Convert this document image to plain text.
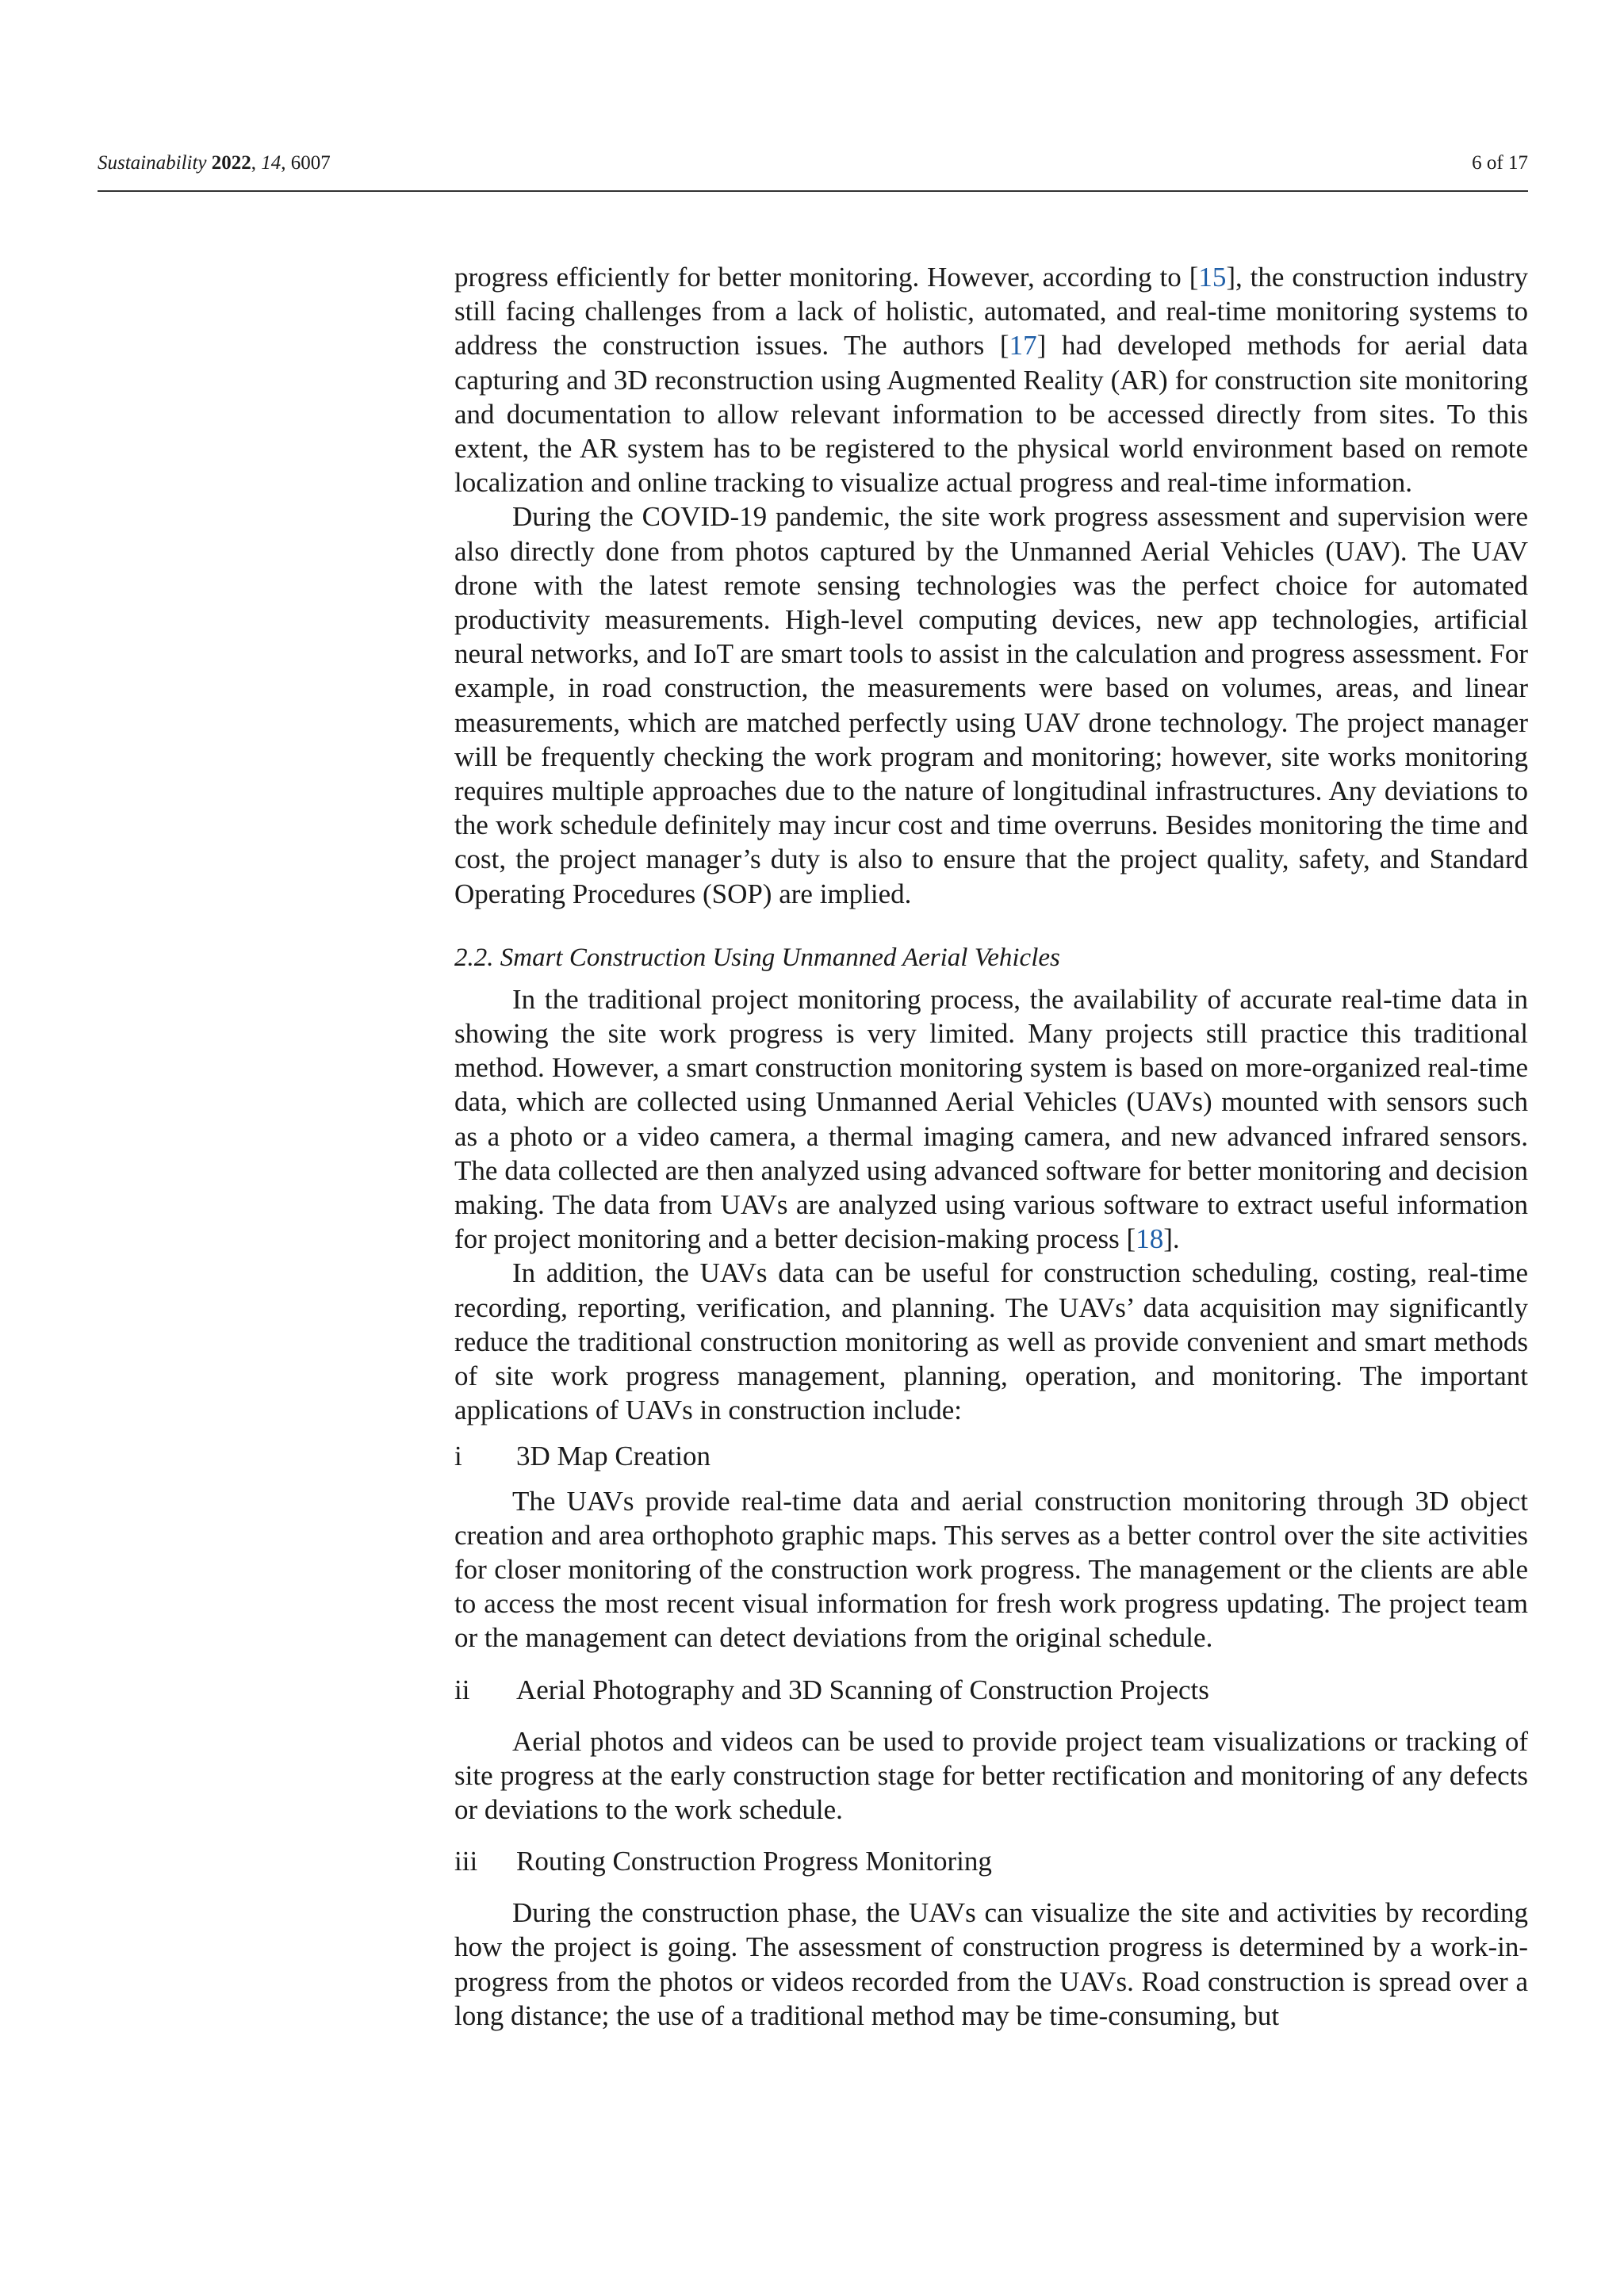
Sustainability 2022, 14, 6007	6 of 17

progress efficiently for better monitoring. However, according to [15], the construction industry still facing challenges from a lack of holistic, automated, and real-time monitoring systems to address the construction issues. The authors [17] had developed methods for aerial data capturing and 3D reconstruction using Augmented Reality (AR) for construction site monitoring and documentation to allow relevant information to be accessed directly from sites. To this extent, the AR system has to be registered to the physical world environment based on remote localization and online tracking to visualize actual progress and real-time information.

During the COVID-19 pandemic, the site work progress assessment and supervision were also directly done from photos captured by the Unmanned Aerial Vehicles (UAV). The UAV drone with the latest remote sensing technologies was the perfect choice for automated productivity measurements. High-level computing devices, new app technologies, artificial neural networks, and IoT are smart tools to assist in the calculation and progress assessment. For example, in road construction, the measurements were based on volumes, areas, and linear measurements, which are matched perfectly using UAV drone technology. The project manager will be frequently checking the work program and monitoring; however, site works monitoring requires multiple approaches due to the nature of longitudinal infrastructures. Any deviations to the work schedule definitely may incur cost and time overruns. Besides monitoring the time and cost, the project manager’s duty is also to ensure that the project quality, safety, and Standard Operating Procedures (SOP) are implied.

2.2. Smart Construction Using Unmanned Aerial Vehicles

In the traditional project monitoring process, the availability of accurate real-time data in showing the site work progress is very limited. Many projects still practice this traditional method. However, a smart construction monitoring system is based on more-organized real-time data, which are collected using Unmanned Aerial Vehicles (UAVs) mounted with sensors such as a photo or a video camera, a thermal imaging camera, and new advanced infrared sensors. The data collected are then analyzed using advanced software for better monitoring and decision making. The data from UAVs are analyzed using various software to extract useful information for project monitoring and a better decision-making process [18].

In addition, the UAVs data can be useful for construction scheduling, costing, real-time recording, reporting, verification, and planning. The UAVs’ data acquisition may significantly reduce the traditional construction monitoring as well as provide convenient and smart methods of site work progress management, planning, operation, and monitoring. The important applications of UAVs in construction include:

i	3D Map Creation

The UAVs provide real-time data and aerial construction monitoring through 3D object creation and area orthophoto graphic maps. This serves as a better control over the site activities for closer monitoring of the construction work progress. The management or the clients are able to access the most recent visual information for fresh work progress updating. The project team or the management can detect deviations from the original schedule.

ii	Aerial Photography and 3D Scanning of Construction Projects

Aerial photos and videos can be used to provide project team visualizations or tracking of site progress at the early construction stage for better rectification and monitoring of any defects or deviations to the work schedule.

iii	Routing Construction Progress Monitoring

During the construction phase, the UAVs can visualize the site and activities by recording how the project is going. The assessment of construction progress is determined by a work-in-progress from the photos or videos recorded from the UAVs. Road construction is spread over a long distance; the use of a traditional method may be time-consuming, but
